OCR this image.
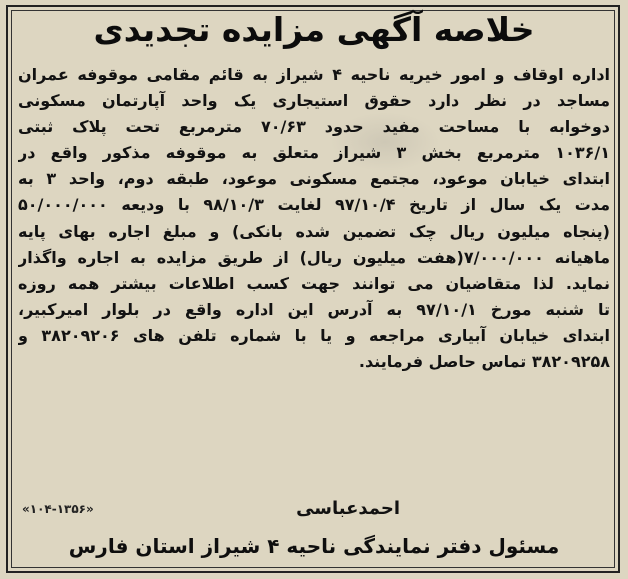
خلاصه آگهی مزایده تجدیدی
اداره اوقاف و امور خیریه ناحیه ۴ شیراز به قائم مقامی موقوفه عمران
مساجد در نظر دارد حقوق استیجاری یک واحد آپارتمان مسکونی
دوخوابه با مساحت مفید حدود ۷۰/۶۳ مترمربع تحت پلاک ثبتی
۱۰۳۶/۱ مترمربع بخش ۳ شیراز متعلق به موقوفه مذکور واقع در
ابتدای خیابان موعود، مجتمع مسکونی موعود، طبقه دوم، واحد ۳ به
مدت یک سال از تاریخ ۹۷/۱۰/۴ لغایت ۹۸/۱۰/۳ با ودیعه ۵۰/۰۰۰/۰۰۰
(پنجاه میلیون ریال چک تضمین شده بانکی) و مبلغ اجاره بهای پایه
ماهیانه ۷/۰۰۰/۰۰۰(هفت میلیون ریال) از طریق مزایده به اجاره واگذار
نماید. لذا متقاضیان می توانند جهت کسب اطلاعات بیشتر همه روزه
تا شنبه مورخ ۹۷/۱۰/۱ به آدرس این اداره واقع در بلوار امیرکبیر،
ابتدای خیابان آبیاری مراجعه و یا با شماره تلفن های ۳۸۲۰۹۲۰۶ و
۳۸۲۰۹۲۵۸ تماس حاصل فرمایند.
احمدعباسی
«۱۰۴-۱۳۵۶»
مسئول دفتر نمایندگی ناحیه ۴ شیراز استان فارس
